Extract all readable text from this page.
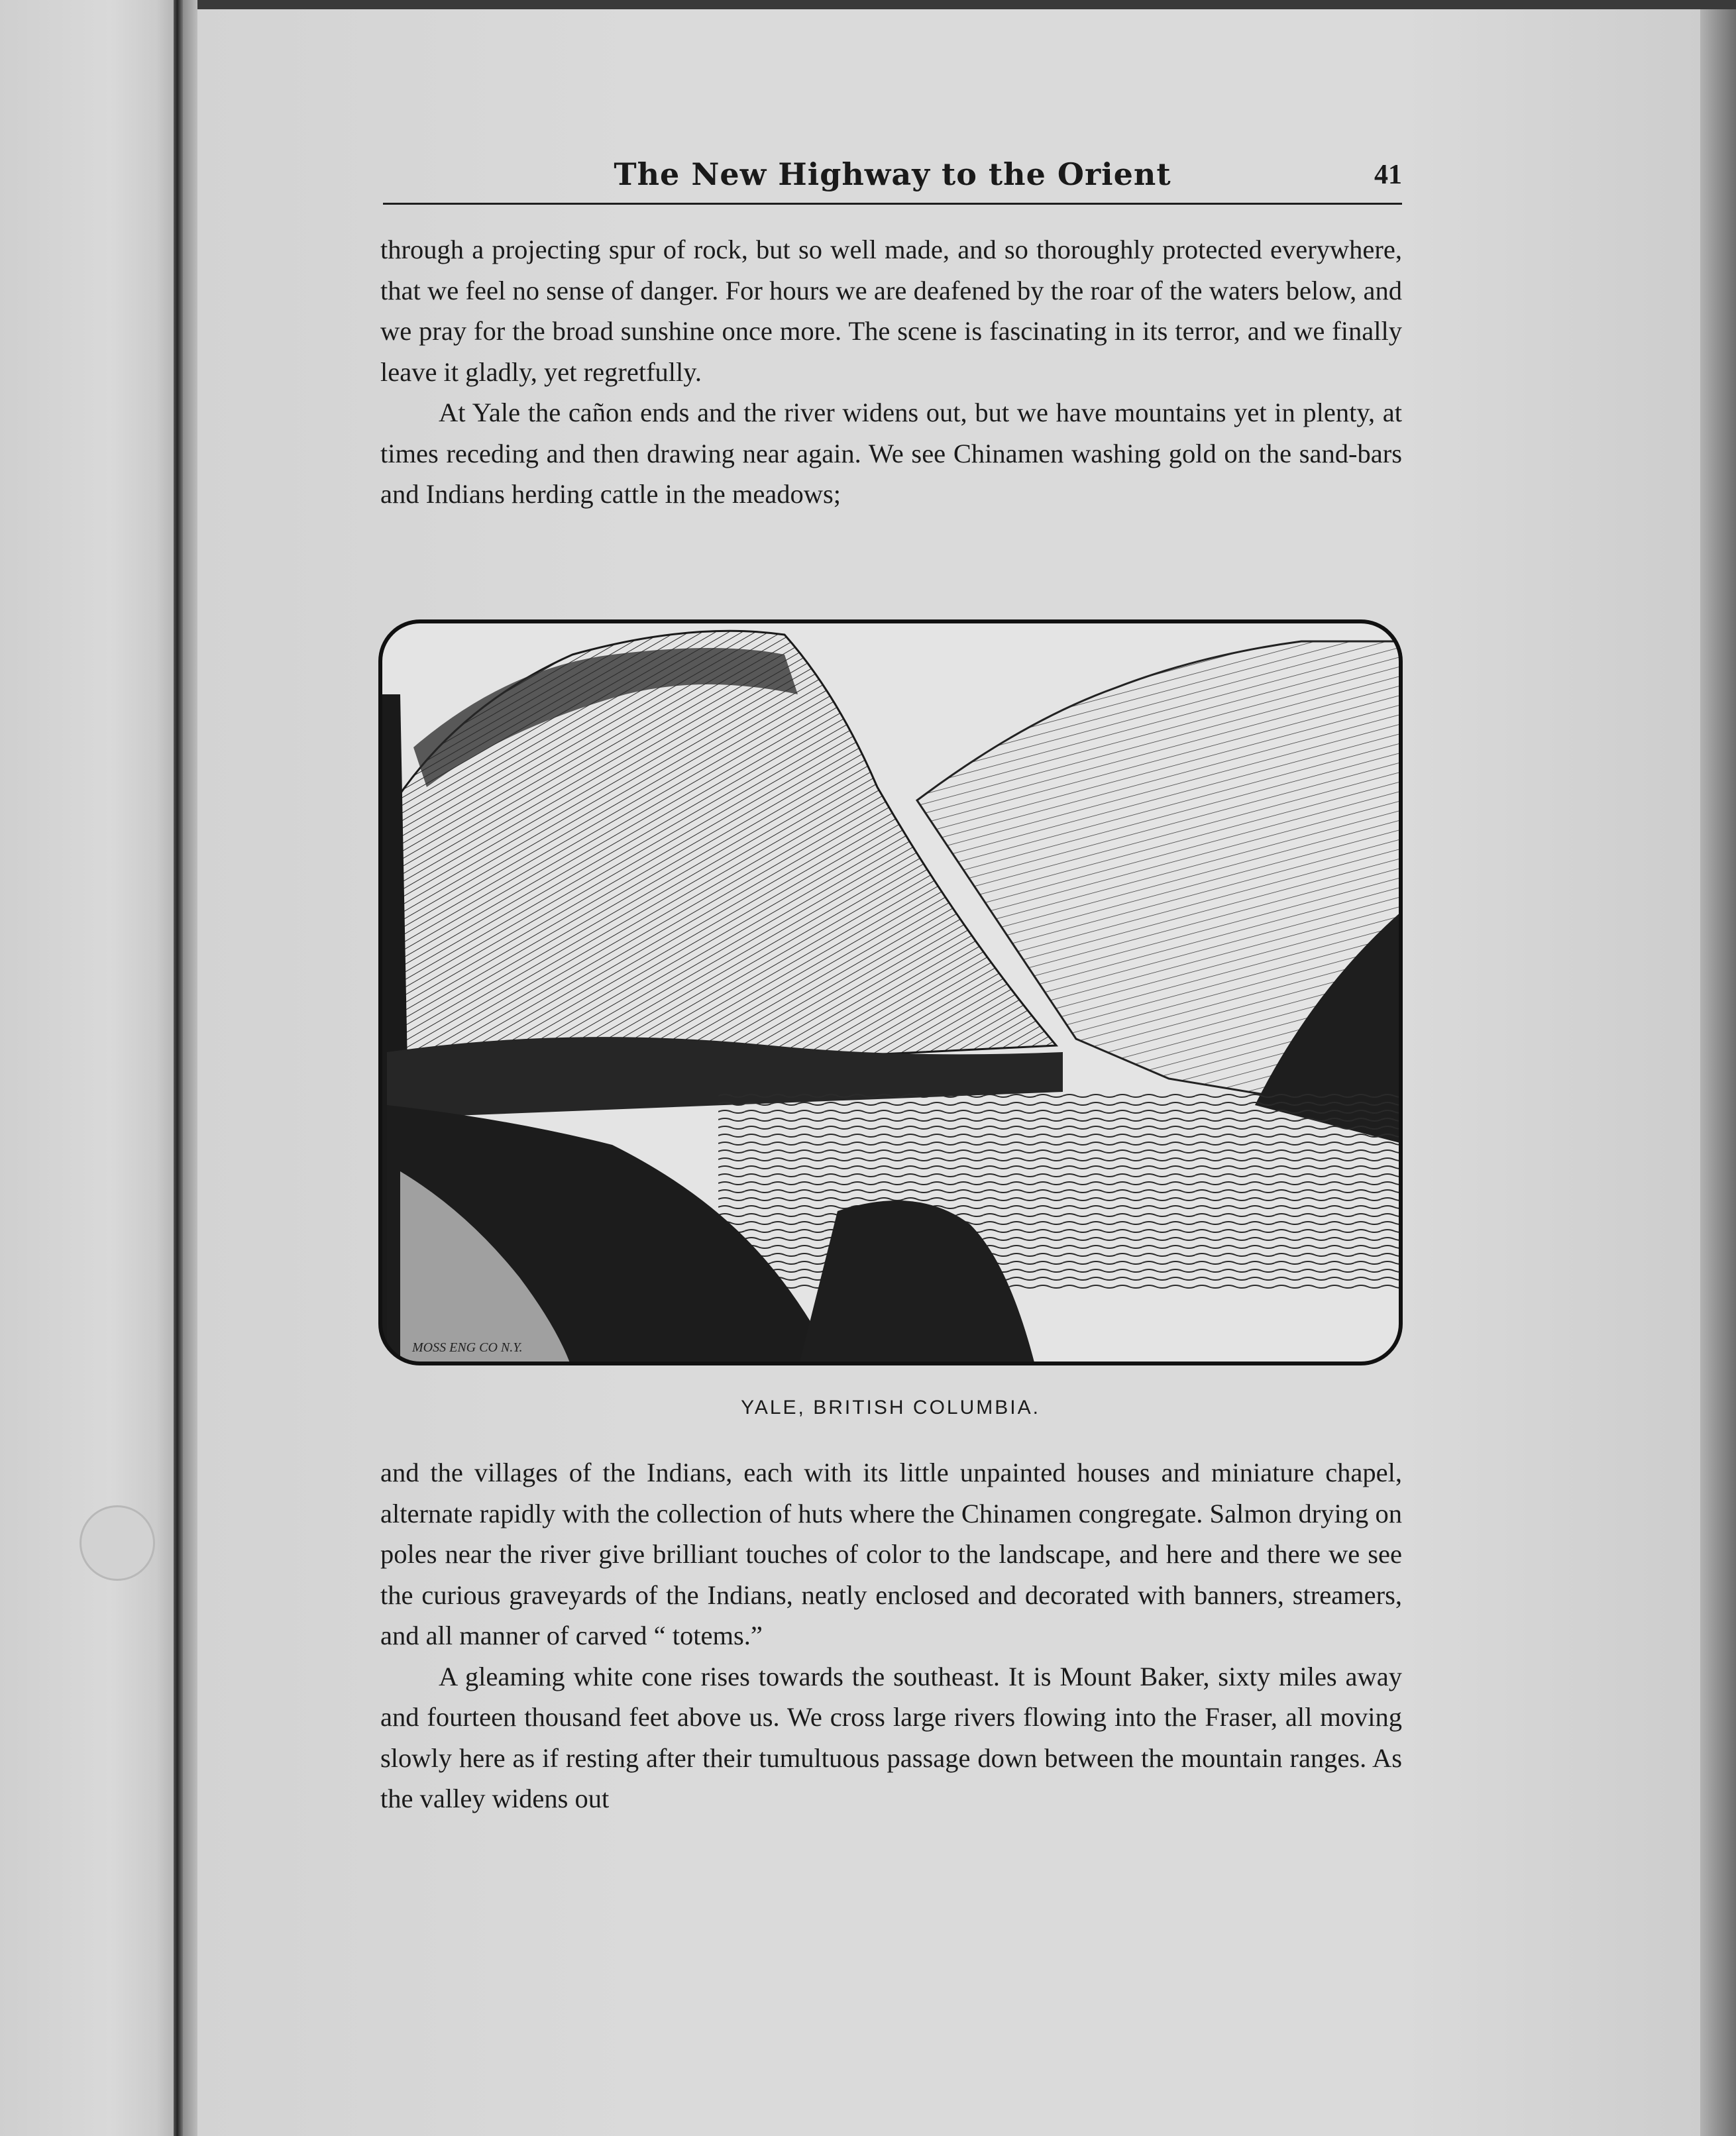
The New Highway to the Orient	41

through a projecting spur of rock, but so well made, and so thoroughly protected everywhere, that we feel no sense of danger. For hours we are deafened by the roar of the waters below, and we pray for the broad sunshine once more. The scene is fascinating in its terror, and we finally leave it gladly, yet regretfully.

At Yale the cañon ends and the river widens out, but we have mountains yet in plenty, at times receding and then drawing near again. We see Chinamen washing gold on the sand-bars and Indians herding cattle in the meadows;

MOSS ENG CO N.Y.
YALE, BRITISH COLUMBIA.

and the villages of the Indians, each with its little unpainted houses and miniature chapel, alternate rapidly with the collection of huts where the Chinamen congregate. Salmon drying on poles near the river give brilliant touches of color to the landscape, and here and there we see the curious graveyards of the Indians, neatly enclosed and decorated with banners, streamers, and all manner of carved “ totems.”

A gleaming white cone rises towards the southeast. It is Mount Baker, sixty miles away and fourteen thousand feet above us. We cross large rivers flowing into the Fraser, all moving slowly here as if resting after their tumultuous passage down between the mountain ranges. As the valley widens out
